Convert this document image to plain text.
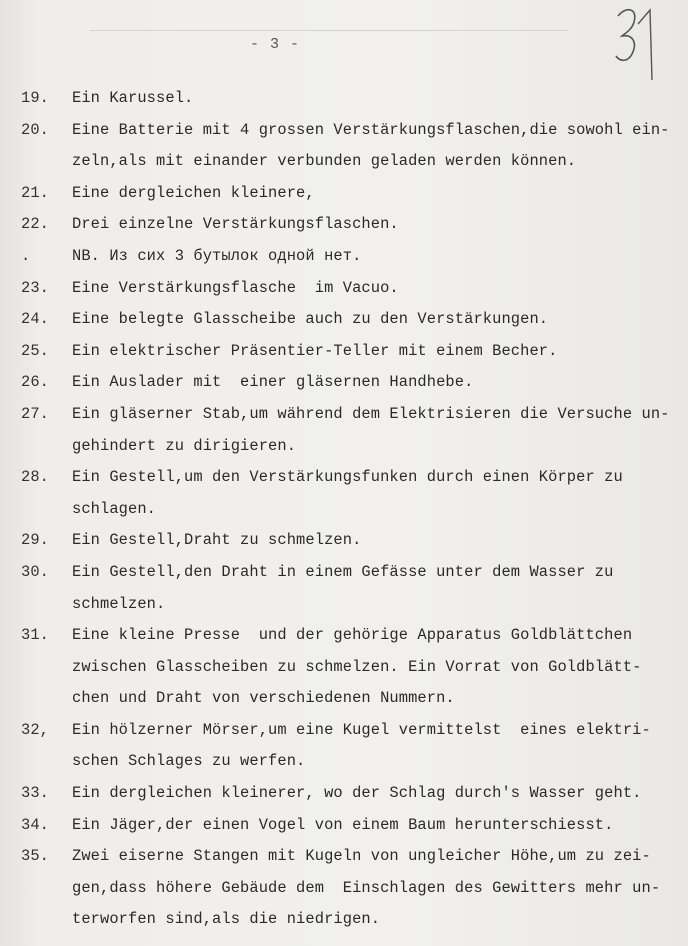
- 3 -
19. Ein Karussel.
20. Eine Batterie mit 4 grossen Verstärkungsflaschen,die sowohl ein-
zeln,als mit einander verbunden geladen werden können.
21. Eine dergleichen kleinere,
22. Drei einzelne Verstärkungsflaschen.
.	NB. Из сих 3 бутылок одной нет.
23. Eine Verstärkungsflasche  im Vacuo.
24. Eine belegte Glasscheibe auch zu den Verstärkungen.
25. Ein elektrischer Präsentier-Teller mit einem Becher.
26. Ein Auslader mit  einer gläsernen Handhebe.
27. Ein gläserner Stab,um während dem Elektrisieren die Versuche un-
gehindert zu dirigieren.
28. Ein Gestell,um den Verstärkungsfunken durch einen Körper zu
schlagen.
29. Ein Gestell,Draht zu schmelzen.
30. Ein Gestell,den Draht in einem Gefässe unter dem Wasser zu
schmelzen.
31. Eine kleine Presse  und der gehörige Apparatus Goldblättchen
zwischen Glasscheiben zu schmelzen. Ein Vorrat von Goldblätt-
chen und Draht von verschiedenen Nummern.
32, Ein hölzerner Mörser,um eine Kugel vermittelst  eines elektri-
schen Schlages zu werfen.
33. Ein dergleichen kleinerer, wo der Schlag durch's Wasser geht.
34. Ein Jäger,der einen Vogel von einem Baum herunterschiesst.
35. Zwei eiserne Stangen mit Kugeln von ungleicher Höhe,um zu zei-
gen,dass höhere Gebäude dem  Einschlagen des Gewitters mehr un-
terworfen sind,als die niedrigen.
